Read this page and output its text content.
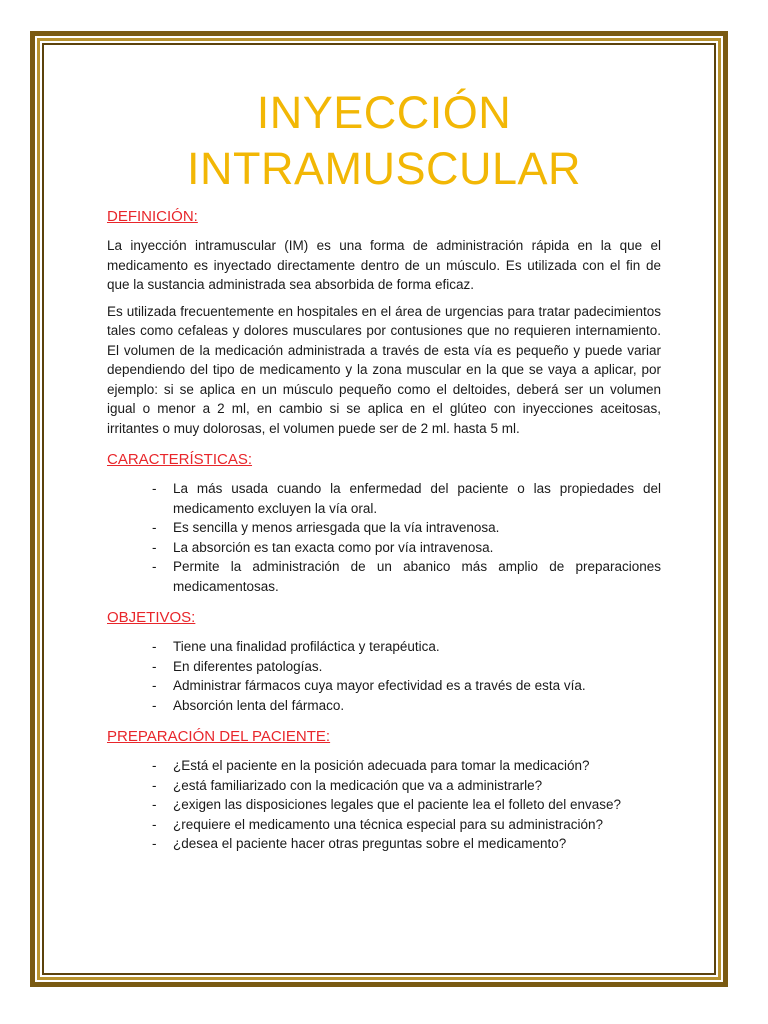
INYECCIÓN
INTRAMUSCULAR
DEFINICIÓN:

La inyección intramuscular (IM) es una forma de administración rápida en la que el medicamento es inyectado directamente dentro de un músculo. Es utilizada con el fin de que la sustancia administrada sea absorbida de forma eficaz.

Es utilizada frecuentemente en hospitales en el área de urgencias para tratar padecimientos tales como cefaleas y dolores musculares por contusiones que no requieren internamiento. El volumen de la medicación administrada a través de esta vía es pequeño y puede variar dependiendo del tipo de medicamento y la zona muscular en la que se vaya a aplicar, por ejemplo: si se aplica en un músculo pequeño como el deltoides, deberá ser un volumen igual o menor a 2 ml, en cambio si se aplica en el glúteo con inyecciones aceitosas, irritantes o muy dolorosas, el volumen puede ser de 2 ml. hasta 5 ml.

CARACTERÍSTICAS:
- La más usada cuando la enfermedad del paciente o las propiedades del medicamento excluyen la vía oral.
- Es sencilla y menos arriesgada que la vía intravenosa.
- La absorción es tan exacta como por vía intravenosa.
- Permite la administración de un abanico más amplio de preparaciones medicamentosas.
OBJETIVOS:
- Tiene una finalidad profiláctica y terapéutica.
- En diferentes patologías.
- Administrar fármacos cuya mayor efectividad es a través de esta vía.
- Absorción lenta del fármaco.
PREPARACIÓN DEL PACIENTE:
- ¿Está el paciente en la posición adecuada para tomar la medicación?
- ¿está familiarizado con la medicación que va a administrarle?
- ¿exigen las disposiciones legales que el paciente lea el folleto del envase?
- ¿requiere el medicamento una técnica especial para su administración?
- ¿desea el paciente hacer otras preguntas sobre el medicamento?
